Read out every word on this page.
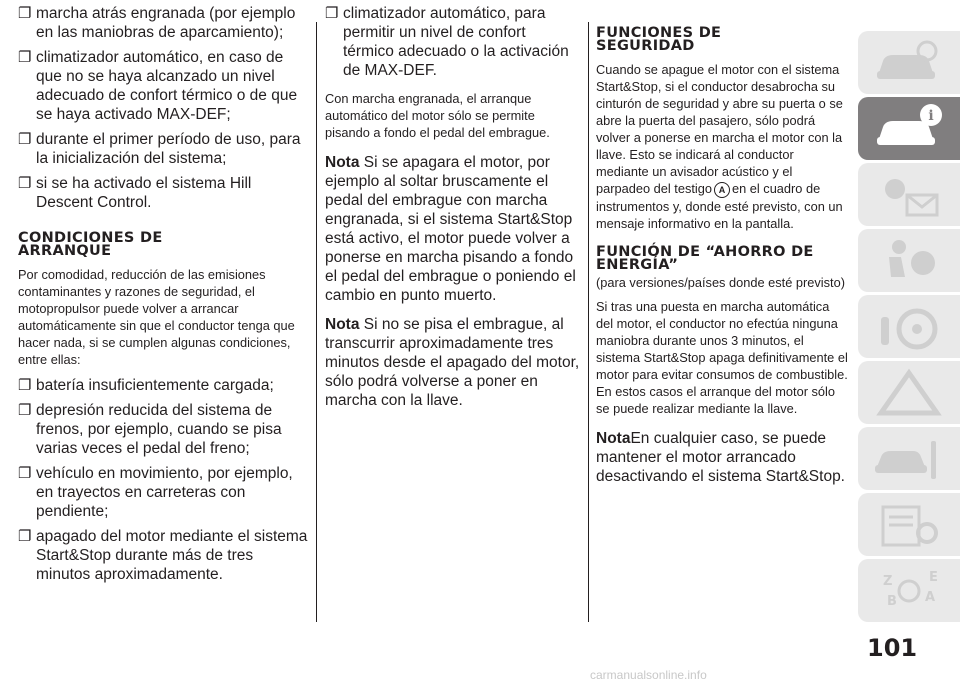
❐ marcha atrás engranada (por ejemplo en las maniobras de aparcamiento);

❐ climatizador automático, en caso de que no se haya alcanzado un nivel adecuado de confort térmico o de que se haya activado MAX-DEF;

❐ durante el primer período de uso, para la inicialización del sistema;

❐ si se ha activado el sistema Hill Descent Control.

CONDICIONES DE ARRANQUE

Por comodidad, reducción de las emisiones contaminantes y razones de seguridad, el motopropulsor puede volver a arrancar automáticamente sin que el conductor tenga que hacer nada, si se cumplen algunas condiciones, entre ellas:

❐ batería insuficientemente cargada;

❐ depresión reducida del sistema de frenos, por ejemplo, cuando se pisa varias veces el pedal del freno;

❐ vehículo en movimiento, por ejemplo, en trayectos en carreteras con pendiente;

❐ apagado del motor mediante el sistema Start&Stop durante más de tres minutos aproximadamente.

❐ climatizador automático, para permitir un nivel de confort térmico adecuado o la activación de MAX-DEF.

Con marcha engranada, el arranque automático del motor sólo se permite pisando a fondo el pedal del embrague.

Nota Si se apagara el motor, por ejemplo al soltar bruscamente el pedal del embrague con marcha engranada, si el sistema Start&Stop está activo, el motor puede volver a ponerse en marcha pisando a fondo el pedal del embrague o poniendo el cambio en punto muerto.

Nota Si no se pisa el embrague, al transcurrir aproximadamente tres minutos desde el apagado del motor, sólo podrá volverse a poner en marcha con la llave.

FUNCIONES DE SEGURIDAD

Cuando se apague el motor con el sistema Start&Stop, si el conductor desabrocha su cinturón de seguridad y abre su puerta o se abre la puerta del pasajero, sólo podrá volver a ponerse en marcha el motor con la llave. Esto se indicará al conductor mediante un avisador acústico y el parpadeo del testigo A en el cuadro de instrumentos y, donde esté previsto, con un mensaje informativo en la pantalla.

FUNCIÓN DE “AHORRO DE ENERGÍA”

(para versiones/países donde esté previsto)

Si tras una puesta en marcha automática del motor, el conductor no efectúa ninguna maniobra durante unos 3 minutos, el sistema Start&Stop apaga definitivamente el motor para evitar consumos de combustible. En estos casos el arranque del motor sólo se puede realizar mediante la llave.

NotaEn cualquier caso, se puede mantener el motor arrancado desactivando el sistema Start&Stop.

i
Z	E
B A
101
carmanualsonline.info
